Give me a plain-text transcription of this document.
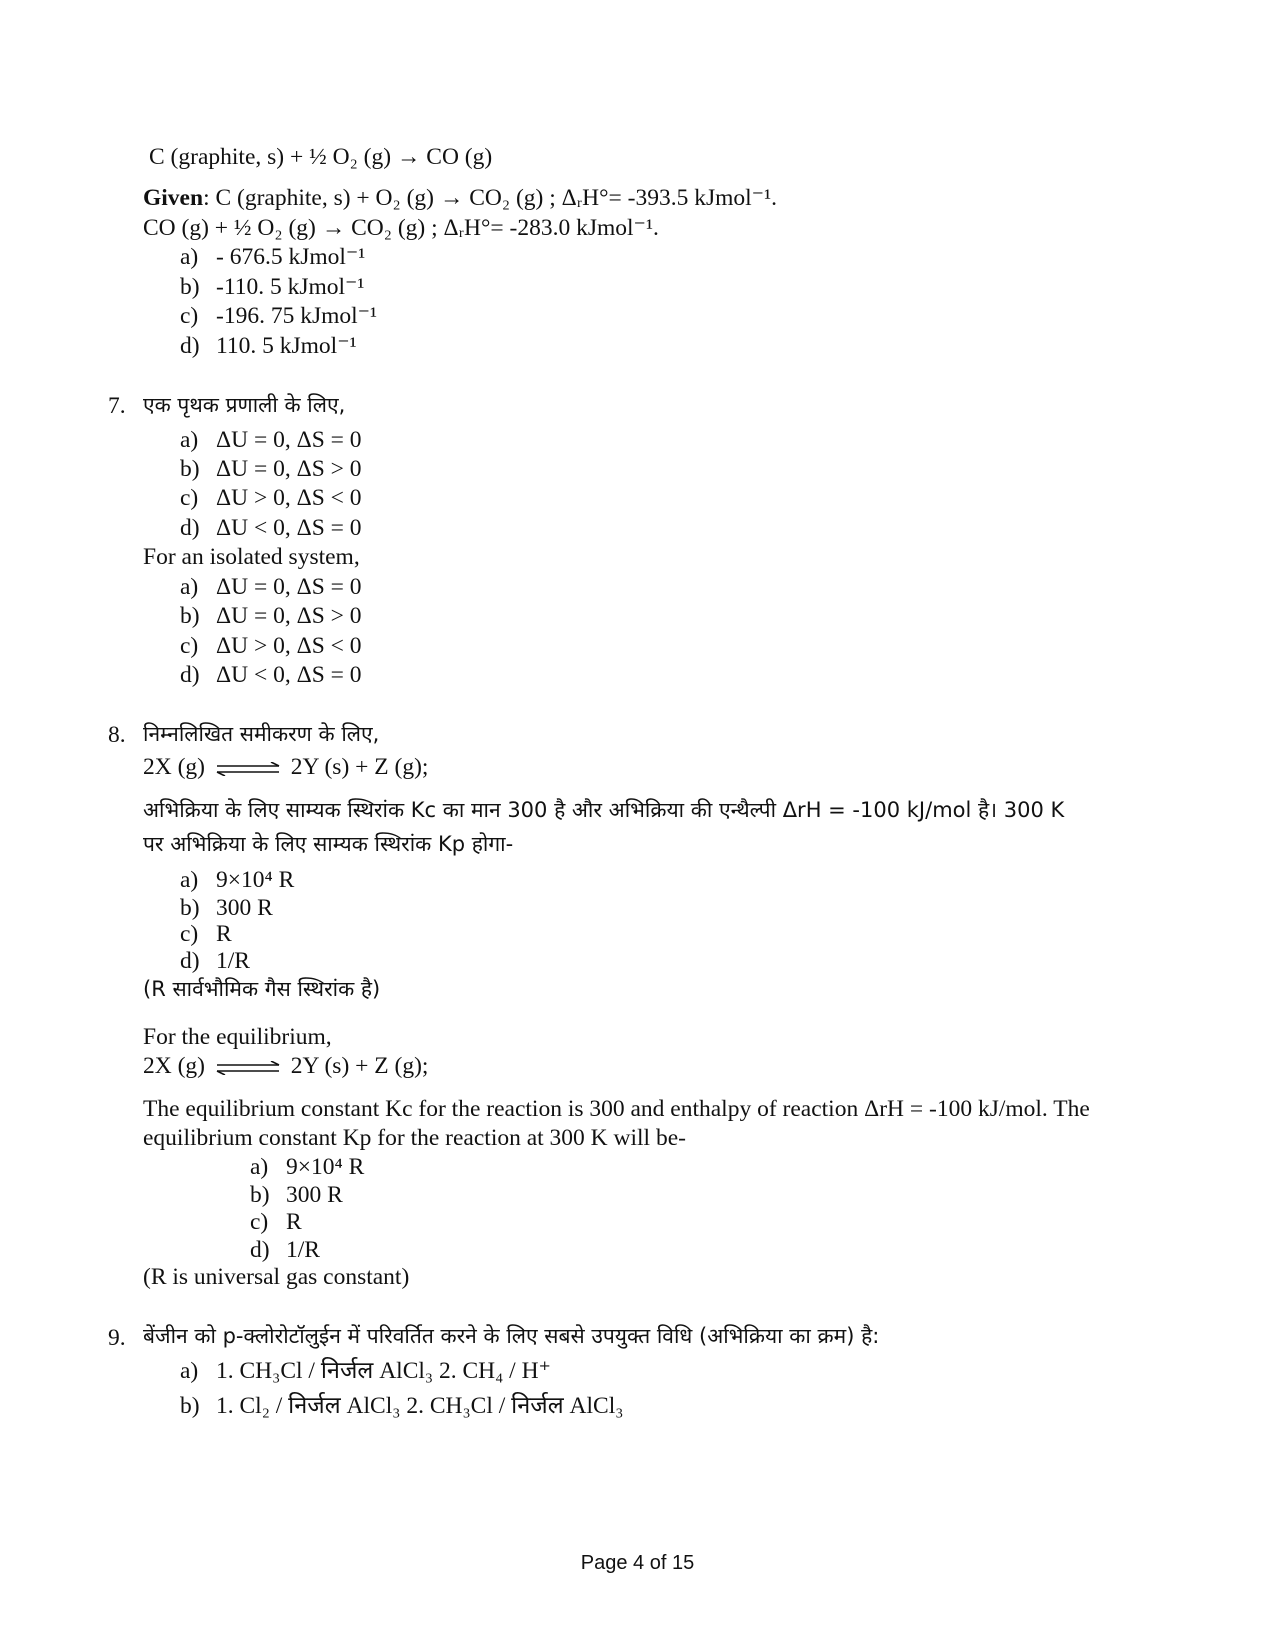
C (graphite, s) + ½ O₂ (g) → CO (g)
Given: C (graphite, s) + O₂ (g) → CO₂ (g) ; ΔᵣH°= -393.5 kJmol⁻¹.
CO (g) + ½ O₂ (g) → CO₂ (g) ; ΔᵣH°= -283.0 kJmol⁻¹.
a) - 676.5 kJmol⁻¹
b) -110. 5 kJmol⁻¹
c) -196. 75 kJmol⁻¹
d) 110. 5 kJmol⁻¹
7. एक पृथक प्रणाली के लिए,
a) ΔU = 0, ΔS = 0
b) ΔU = 0, ΔS > 0
c) ΔU > 0, ΔS < 0
d) ΔU < 0, ΔS = 0
For an isolated system,
a) ΔU = 0, ΔS = 0
b) ΔU = 0, ΔS > 0
c) ΔU > 0, ΔS < 0
d) ΔU < 0, ΔS = 0
8. निम्नलिखित समीकरण के लिए,
2X (g) ⇌ 2Y (s) + Z (g);
अभिक्रिया के लिए साम्यक स्थिरांक Kc का मान 300 है और अभिक्रिया की एन्थैल्पी ΔrH = -100 kJ/mol है। 300 K
पर अभिक्रिया के लिए साम्यक स्थिरांक Kp होगा-
a) 9×10⁴ R
b) 300 R
c) R
d) 1/R
(R सार्वभौमिक गैस स्थिरांक है)
For the equilibrium,
2X (g) ⇌ 2Y (s) + Z (g);
The equilibrium constant Kc for the reaction is 300 and enthalpy of reaction ΔrH = -100 kJ/mol. The
equilibrium constant Kp for the reaction at 300 K will be-
a) 9×10⁴ R
b) 300 R
c) R
d) 1/R
(R is universal gas constant)
9. बेंजीन को p-क्लोरोटॉलुईन में परिवर्तित करने के लिए सबसे उपयुक्त विधि (अभिक्रिया का क्रम) है:
a) 1. CH₃Cl / निर्जल AlCl₃ 2. CH₄ / H⁺
b) 1. Cl₂ / निर्जल AlCl₃ 2. CH₃Cl / निर्जल AlCl₃
Page 4 of 15
